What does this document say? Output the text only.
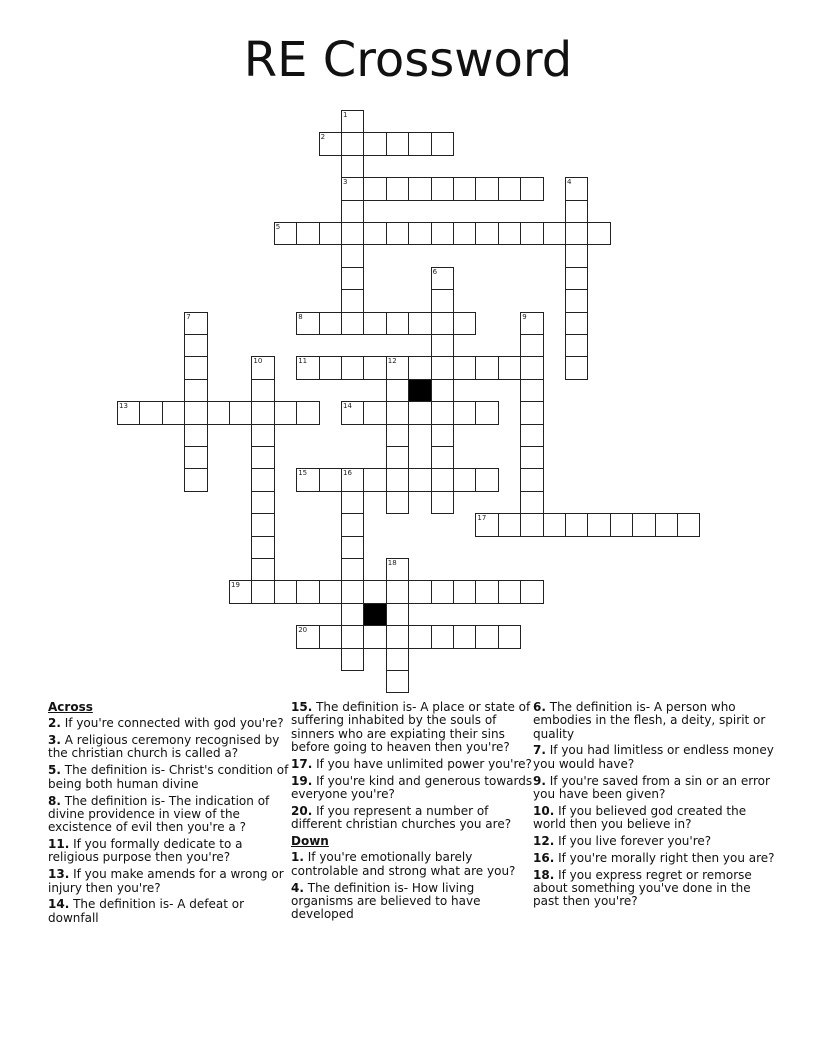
RE Crossword
1
3
2
4
5
6
7	8	9
10	11	12
13	14
15	16
17
18
19
20
Across
2. If you're connected with god you're?
3. A religious ceremony recognised by the christian church is called a?
5. The definition is- Christ's condition of being both human divine
8. The definition is- The indication of divine providence in view of the excistence of evil then you're a ?
11. If you formally dedicate to a religious purpose then you're?
13. If you make amends for a wrong or injury then you're?
14. The definition is- A defeat or downfall
15. The definition is- A place or state of suffering inhabited by the souls of sinners who are expiating their sins before going to heaven then you're?
17. If you have unlimited power you're?
19. If you're kind and generous towards everyone you're?
20. If you represent a number of different christian churches you are?
Down
1. If you're emotionally barely controlable and strong what are you?
4. The definition is- How living organisms are believed to have developed
6. The definition is- A person who embodies in the flesh, a deity, spirit or quality
7. If you had limitless or endless money you would have?
9. If you're saved from a sin or an error you have been given?
10. If you believed god created the world then you believe in?
12. If you live forever you're?
16. If you're morally right then you are?
18. If you express regret or remorse about something you've done in the past then you're?
